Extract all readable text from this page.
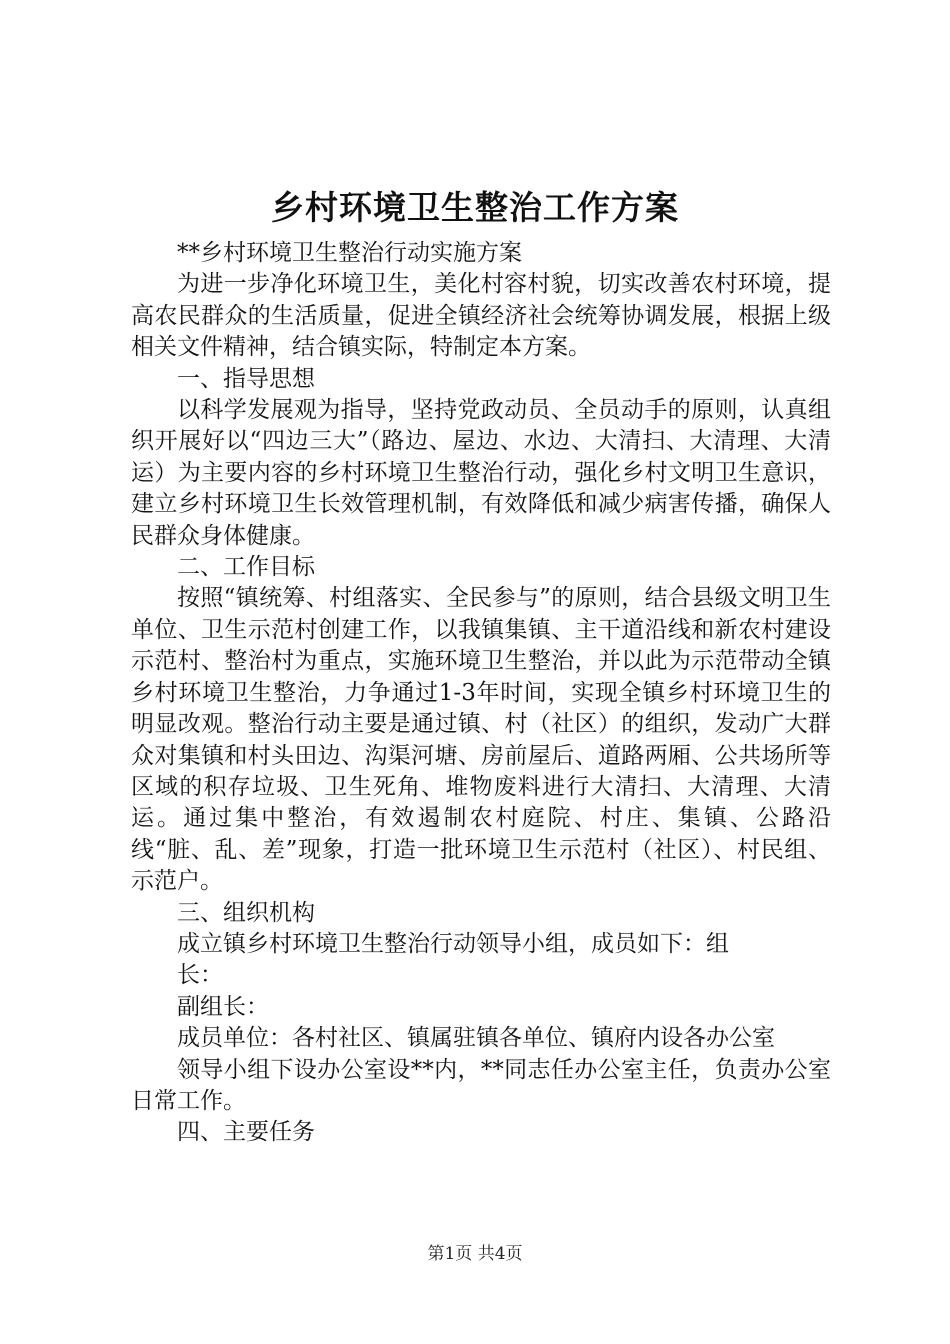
乡村环境卫生整治工作方案

**乡村环境卫生整治行动实施方案

为进一步净化环境卫生，美化村容村貌，切实改善农村环境，提高农民群众的生活质量，促进全镇经济社会统筹协调发展，根据上级相关文件精神，结合镇实际，特制定本方案。

一、指导思想

以科学发展观为指导，坚持党政动员、全员动手的原则，认真组织开展好以“四边三大”（路边、屋边、水边、大清扫、大清理、大清运）为主要内容的乡村环境卫生整治行动，强化乡村文明卫生意识，建立乡村环境卫生长效管理机制，有效降低和减少病害传播，确保人民群众身体健康。

二、工作目标

按照“镇统筹、村组落实、全民参与”的原则，结合县级文明卫生单位、卫生示范村创建工作，以我镇集镇、主干道沿线和新农村建设示范村、整治村为重点，实施环境卫生整治，并以此为示范带动全镇乡村环境卫生整治，力争通过1-3年时间，实现全镇乡村环境卫生的明显改观。整治行动主要是通过镇、村（社区）的组织，发动广大群众对集镇和村头田边、沟渠河塘、房前屋后、道路两厢、公共场所等区域的积存垃圾、卫生死角、堆物废料进行大清扫、大清理、大清运。通过集中整治，有效遏制农村庭院、村庄、集镇、公路沿线“脏、乱、差”现象，打造一批环境卫生示范村（社区）、村民组、示范户。

三、组织机构

成立镇乡村环境卫生整治行动领导小组，成员如下：组

长：

副组长：

成员单位：各村社区、镇属驻镇各单位、镇府内设各办公室

领导小组下设办公室设**内，**同志任办公室主任，负责办公室日常工作。

四、主要任务

第1页 共4页
